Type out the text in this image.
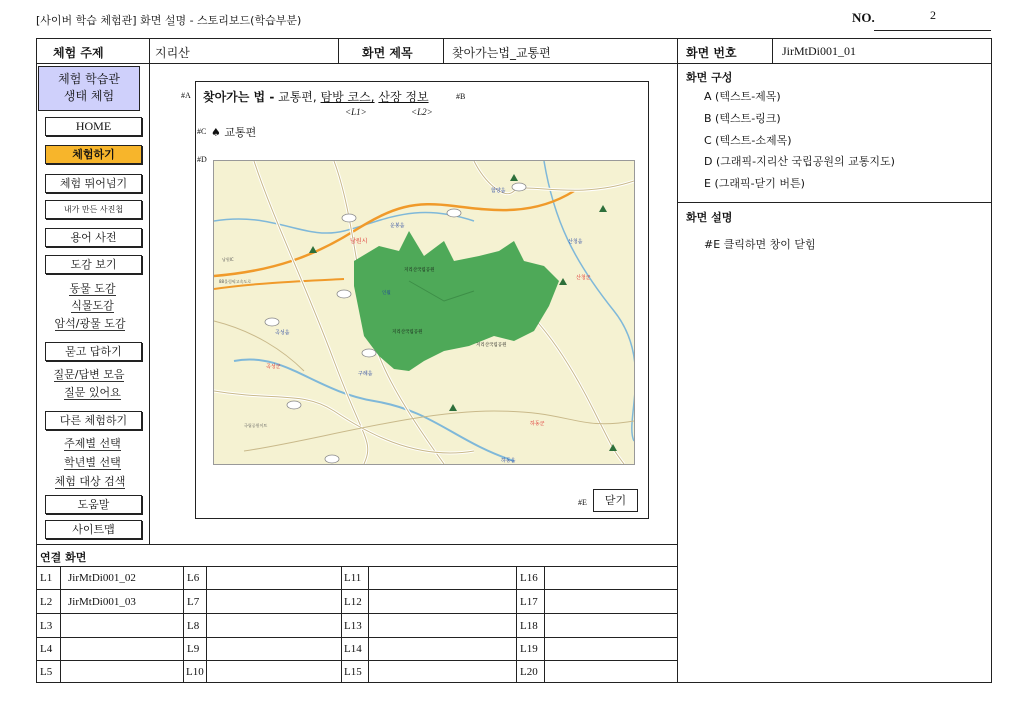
[사이버 학습 체험관] 화면 설명 - 스토리보드(학습부분)	NO.	2
체험 주제	지리산	화면 제목	찾아가는법_교통편	화면 번호	JirMtDi001_01
체험 학습관
생태 체험
HOME
체험하기
체험 뛰어넘기
내가 만든 사진첩
용어 사전
도감 보기
동물 도감
식물도감
암석/광물 도감
묻고 답하기
질문/답변 모음
질문 있어요
다른 체험하기
주제별 선택
학년별 선택
체험 대상 검색
도움말
사이트맵
#A 찾아가는 법 - 교통편, 탐방 코스, 산장 정보	#B
<L1>	<L2>
#C ♠ 교통편
#D
남원시
운봉읍
함양읍
산청읍
산청군
지리산국립공원
인월
지리산국립공원
지리산국립공원
구례읍
곡성읍
곡성군
하동군
하동읍
88올림픽고속도로
남원IC
국립공원이트
#E	닫기
화면 구성
A (텍스트-제목)
B (텍스트-링크)
C (텍스트-소제목)
D (그래픽-지리산 국립공원의 교통지도)
E (그래픽-닫기 버튼)
화면 설명
#E 클릭하면 창이 닫힘
연결 화면
L1 JirMtDi001_02	L6	L11	L16
L2 JirMtDi001_03	L7	L12	L17
L3	L8	L13	L18
L4	L9	L14	L19
L5	L10	L15	L20
